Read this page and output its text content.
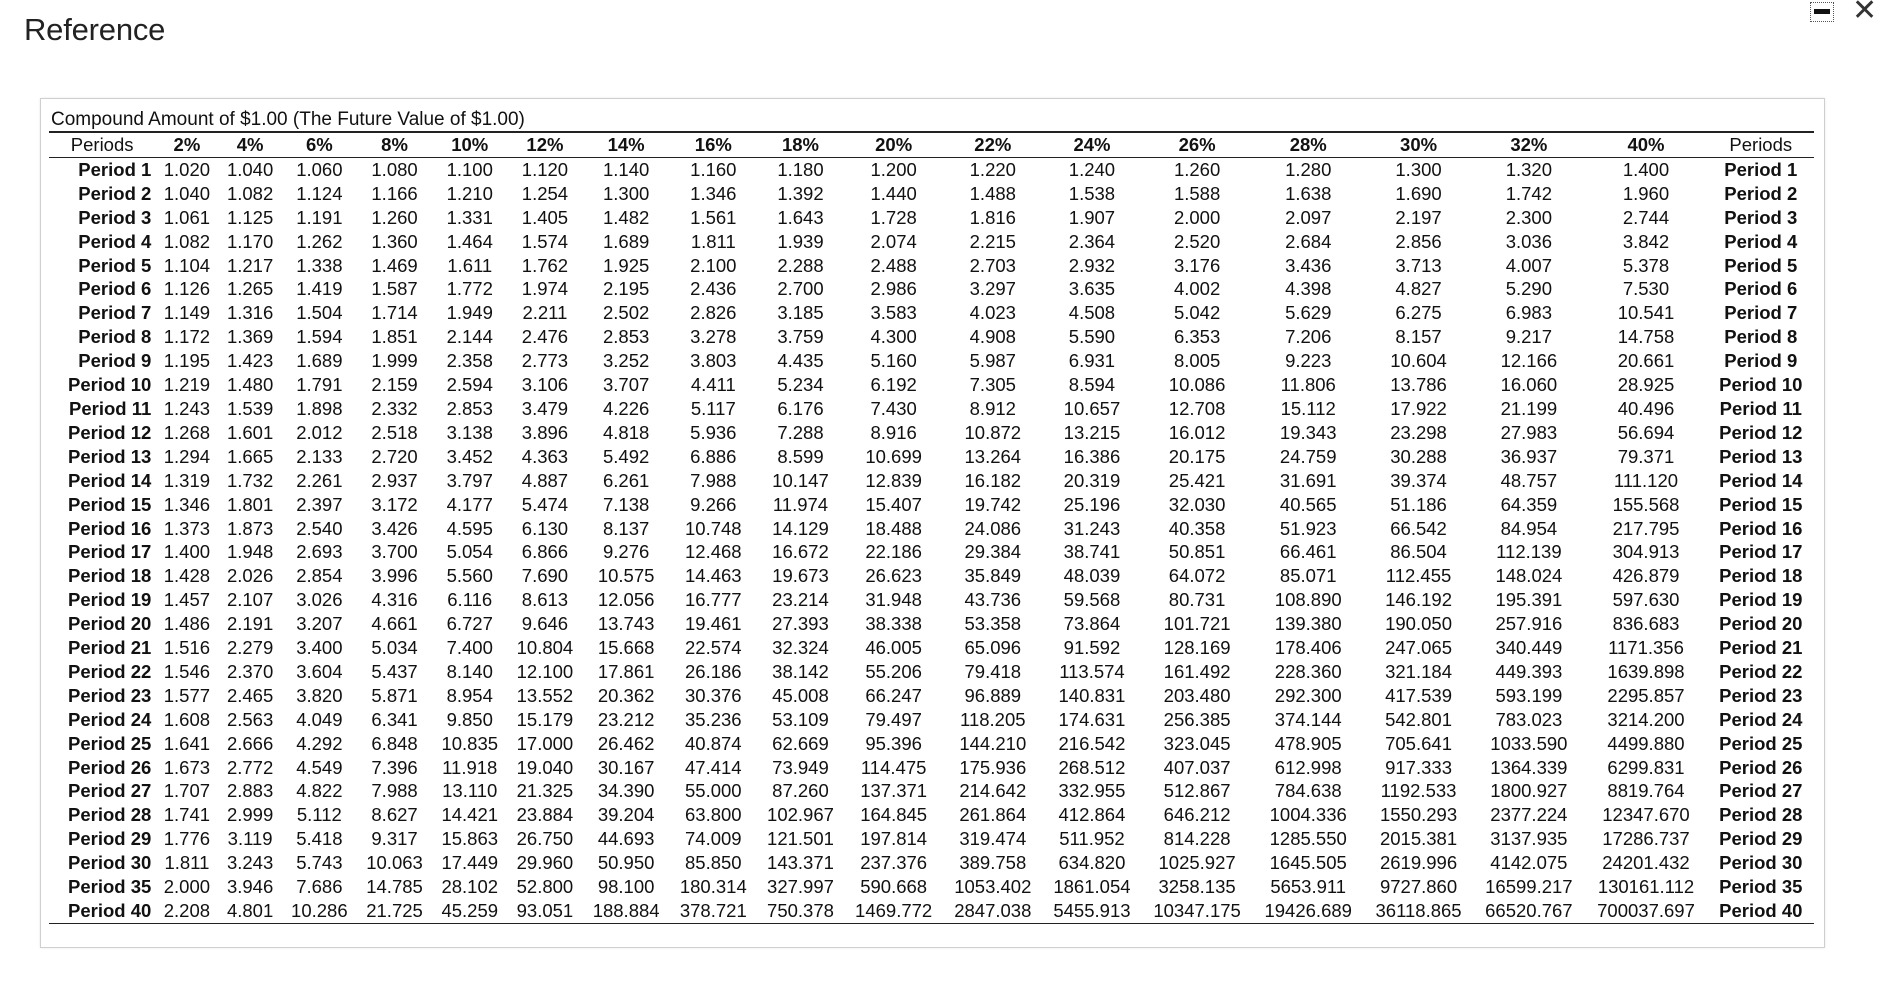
Reference
✕
Compound Amount of $1.00 (The Future Value of $1.00)
Periods	2%	4%	6%	8%	10%	12%	14%	16%	18%	20%	22%	24%	26%	28%	30%	32%	40%	Periods
Period 1	1.020	1.040	1.060	1.080	1.100	1.120	1.140	1.160	1.180	1.200	1.220	1.240	1.260	1.280	1.300	1.320	1.400	Period 1
Period 2	1.040	1.082	1.124	1.166	1.210	1.254	1.300	1.346	1.392	1.440	1.488	1.538	1.588	1.638	1.690	1.742	1.960	Period 2
Period 3	1.061	1.125	1.191	1.260	1.331	1.405	1.482	1.561	1.643	1.728	1.816	1.907	2.000	2.097	2.197	2.300	2.744	Period 3
Period 4	1.082	1.170	1.262	1.360	1.464	1.574	1.689	1.811	1.939	2.074	2.215	2.364	2.520	2.684	2.856	3.036	3.842	Period 4
Period 5	1.104	1.217	1.338	1.469	1.611	1.762	1.925	2.100	2.288	2.488	2.703	2.932	3.176	3.436	3.713	4.007	5.378	Period 5
Period 6	1.126	1.265	1.419	1.587	1.772	1.974	2.195	2.436	2.700	2.986	3.297	3.635	4.002	4.398	4.827	5.290	7.530	Period 6
Period 7	1.149	1.316	1.504	1.714	1.949	2.211	2.502	2.826	3.185	3.583	4.023	4.508	5.042	5.629	6.275	6.983	10.541	Period 7
Period 8	1.172	1.369	1.594	1.851	2.144	2.476	2.853	3.278	3.759	4.300	4.908	5.590	6.353	7.206	8.157	9.217	14.758	Period 8
Period 9	1.195	1.423	1.689	1.999	2.358	2.773	3.252	3.803	4.435	5.160	5.987	6.931	8.005	9.223	10.604	12.166	20.661	Period 9
Period 10	1.219	1.480	1.791	2.159	2.594	3.106	3.707	4.411	5.234	6.192	7.305	8.594	10.086	11.806	13.786	16.060	28.925	Period 10
Period 11	1.243	1.539	1.898	2.332	2.853	3.479	4.226	5.117	6.176	7.430	8.912	10.657	12.708	15.112	17.922	21.199	40.496	Period 11
Period 12	1.268	1.601	2.012	2.518	3.138	3.896	4.818	5.936	7.288	8.916	10.872	13.215	16.012	19.343	23.298	27.983	56.694	Period 12
Period 13	1.294	1.665	2.133	2.720	3.452	4.363	5.492	6.886	8.599	10.699	13.264	16.386	20.175	24.759	30.288	36.937	79.371	Period 13
Period 14	1.319	1.732	2.261	2.937	3.797	4.887	6.261	7.988	10.147	12.839	16.182	20.319	25.421	31.691	39.374	48.757	111.120	Period 14
Period 15	1.346	1.801	2.397	3.172	4.177	5.474	7.138	9.266	11.974	15.407	19.742	25.196	32.030	40.565	51.186	64.359	155.568	Period 15
Period 16	1.373	1.873	2.540	3.426	4.595	6.130	8.137	10.748	14.129	18.488	24.086	31.243	40.358	51.923	66.542	84.954	217.795	Period 16
Period 17	1.400	1.948	2.693	3.700	5.054	6.866	9.276	12.468	16.672	22.186	29.384	38.741	50.851	66.461	86.504	112.139	304.913	Period 17
Period 18	1.428	2.026	2.854	3.996	5.560	7.690	10.575	14.463	19.673	26.623	35.849	48.039	64.072	85.071	112.455	148.024	426.879	Period 18
Period 19	1.457	2.107	3.026	4.316	6.116	8.613	12.056	16.777	23.214	31.948	43.736	59.568	80.731	108.890	146.192	195.391	597.630	Period 19
Period 20	1.486	2.191	3.207	4.661	6.727	9.646	13.743	19.461	27.393	38.338	53.358	73.864	101.721	139.380	190.050	257.916	836.683	Period 20
Period 21	1.516	2.279	3.400	5.034	7.400	10.804	15.668	22.574	32.324	46.005	65.096	91.592	128.169	178.406	247.065	340.449	1171.356	Period 21
Period 22	1.546	2.370	3.604	5.437	8.140	12.100	17.861	26.186	38.142	55.206	79.418	113.574	161.492	228.360	321.184	449.393	1639.898	Period 22
Period 23	1.577	2.465	3.820	5.871	8.954	13.552	20.362	30.376	45.008	66.247	96.889	140.831	203.480	292.300	417.539	593.199	2295.857	Period 23
Period 24	1.608	2.563	4.049	6.341	9.850	15.179	23.212	35.236	53.109	79.497	118.205	174.631	256.385	374.144	542.801	783.023	3214.200	Period 24
Period 25	1.641	2.666	4.292	6.848	10.835	17.000	26.462	40.874	62.669	95.396	144.210	216.542	323.045	478.905	705.641	1033.590	4499.880	Period 25
Period 26	1.673	2.772	4.549	7.396	11.918	19.040	30.167	47.414	73.949	114.475	175.936	268.512	407.037	612.998	917.333	1364.339	6299.831	Period 26
Period 27	1.707	2.883	4.822	7.988	13.110	21.325	34.390	55.000	87.260	137.371	214.642	332.955	512.867	784.638	1192.533	1800.927	8819.764	Period 27
Period 28	1.741	2.999	5.112	8.627	14.421	23.884	39.204	63.800	102.967	164.845	261.864	412.864	646.212	1004.336	1550.293	2377.224	12347.670	Period 28
Period 29	1.776	3.119	5.418	9.317	15.863	26.750	44.693	74.009	121.501	197.814	319.474	511.952	814.228	1285.550	2015.381	3137.935	17286.737	Period 29
Period 30	1.811	3.243	5.743	10.063	17.449	29.960	50.950	85.850	143.371	237.376	389.758	634.820	1025.927	1645.505	2619.996	4142.075	24201.432	Period 30
Period 35	2.000	3.946	7.686	14.785	28.102	52.800	98.100	180.314	327.997	590.668	1053.402	1861.054	3258.135	5653.911	9727.860	16599.217	130161.112	Period 35
Period 40	2.208	4.801	10.286	21.725	45.259	93.051	188.884	378.721	750.378	1469.772	2847.038	5455.913	10347.175	19426.689	36118.865	66520.767	700037.697	Period 40
